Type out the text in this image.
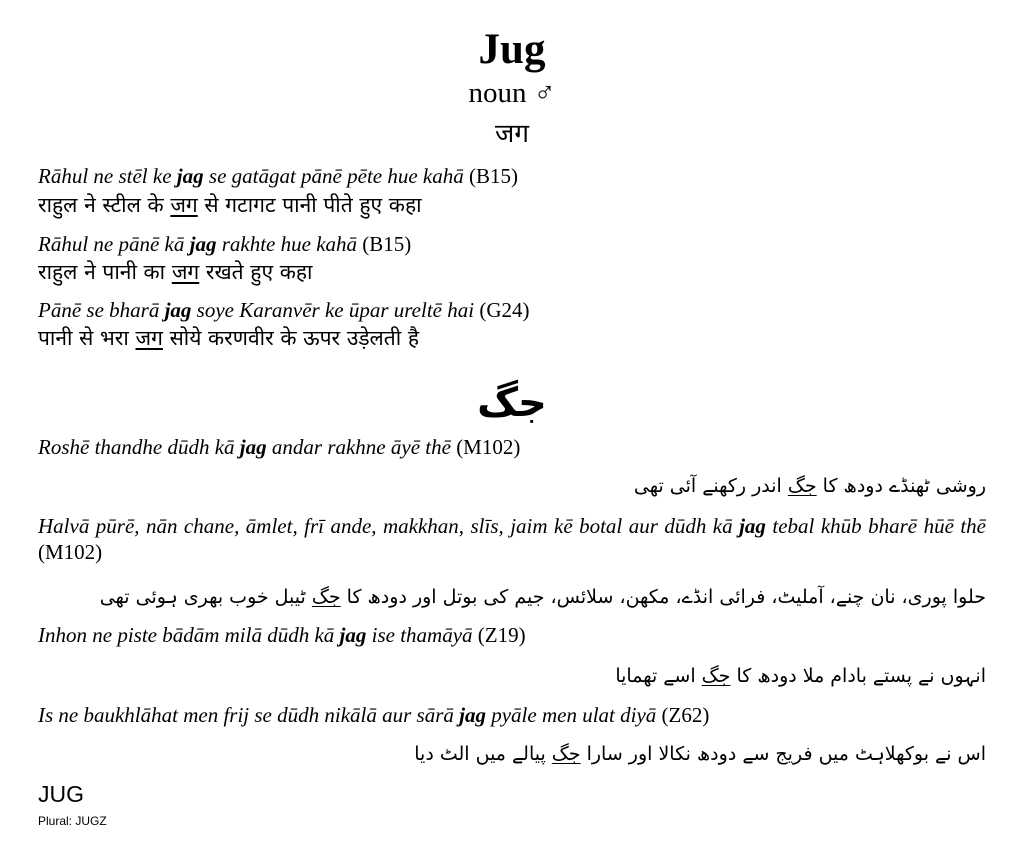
Jug
noun ♂
जग
Rāhul ne stēl ke jag se gatāgat pānē pēte hue kahā (B15)
राहुल ने स्टील के जग से गटागट पानी पीते हुए कहा
Rāhul ne pānē kā jag rakhte hue kahā (B15)
राहुल ने पानी का जग रखते हुए कहा
Pānē se bharā jag soye Karanvēr ke ūpar ureltē hai (G24)
पानी से भरा जग सोये करणवीर के ऊपर उड़ेलती है
جگ
Roshē thandhe dūdh kā jag andar rakhne āyē thē (M102)
روشی ٹھنڈے دودھ کا جگ اندر رکھنے آئی تھی
Halvā pūrē, nān chane, āmlet, frī ande, makkhan, slīs, jaim kē botal aur dūdh kā jag tebal khūb bharē hūē thē (M102)
حلوا پوری، نان چنے، آملیٹ، فرائی انڈے، مکھن، سلائس، جیم کی بوتل اور دودھ کا جگ ٹیبل خوب بھری ہوئی تھی
Inhon ne piste bādām milā dūdh kā jag ise thamāyā (Z19)
انہوں نے پستے بادام ملا دودھ کا جگ اسے تھمایا
Is ne baukhlāhat men frij se dūdh nikālā aur sārā jag pyāle men ulat diyā (Z62)
اس نے بوکھلاہٹ میں فریج سے دودھ نکالا اور سارا جگ پیالے میں الٹ دیا
JUG
Plural: JUGZ
